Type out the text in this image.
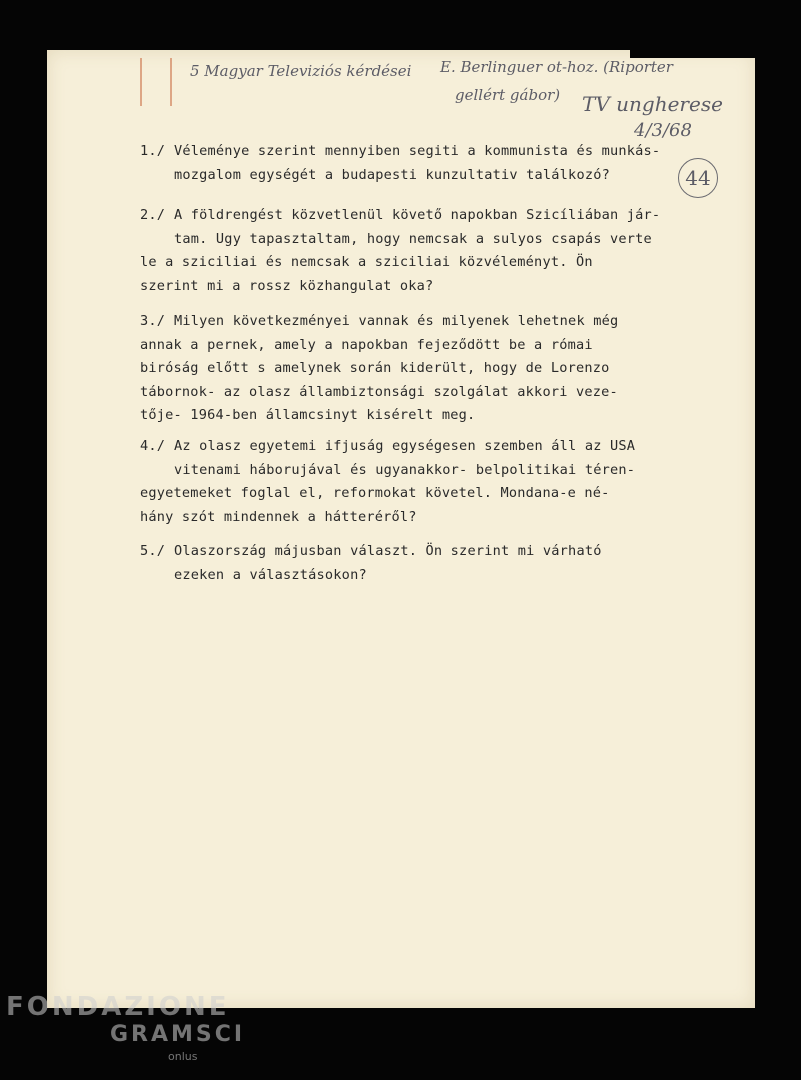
5 Magyar Televiziós kérdései E. Berlinguer ot-hoz. (Riporter
gellért gábor) TV ungherese
4/3/68
44
1./ Véleménye szerint mennyiben segiti a kommunista és munkás-
mozgalom egységét a budapesti kunzultativ találkozó?
2./ A földrengést közvetlenül követő napokban Szicíliában jár-
tam. Ugy tapasztaltam, hogy nemcsak a sulyos csapás verte
le a sziciliai és nemcsak a sziciliai közvéleményt. Ön
szerint mi a rossz közhangulat oka?
3./ Milyen következményei vannak és milyenek lehetnek még
annak a pernek, amely a napokban fejeződött be a római
biróság előtt s amelynek során kiderült, hogy de Lorenzo
tábornok- az olasz állambiztonsági szolgálat akkori veze-
tője- 1964-ben államcsinyt kisérelt meg.
4./ Az olasz egyetemi ifjuság egységesen szemben áll az USA
vitenami háborujával és ugyanakkor- belpolitikai téren-
egyetemeket foglal el, reformokat követel. Mondana-e né-
hány szót mindennek a hátteréről?
5./ Olaszország májusban választ. Ön szerint mi várható
ezeken a választásokon?
FONDAZIONE
GRAMSCI
onlus
